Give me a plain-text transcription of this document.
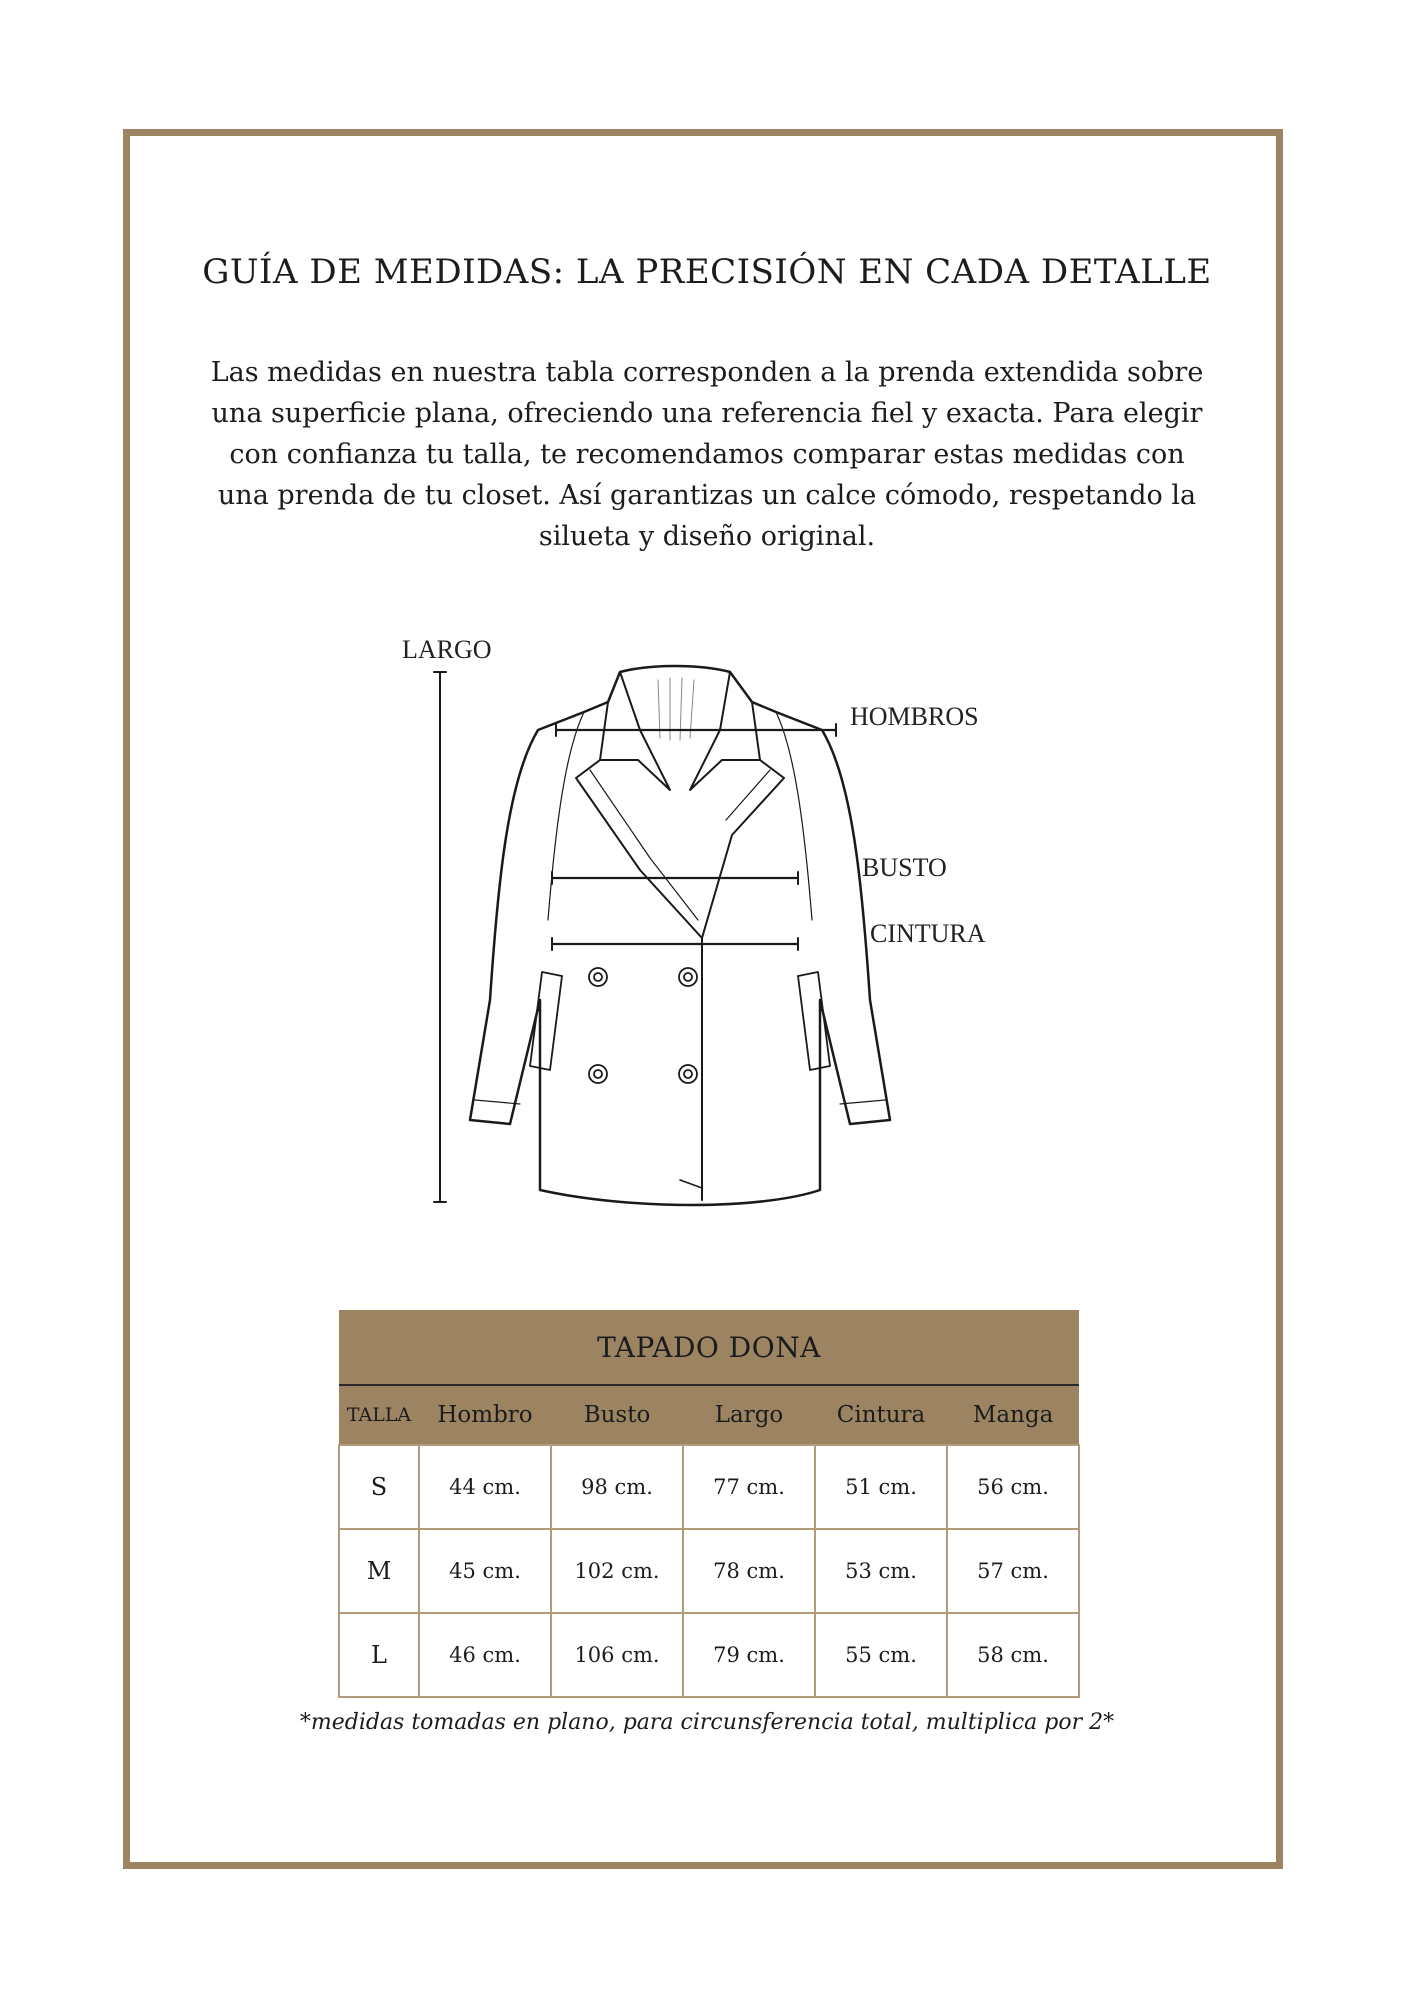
GUÍA DE MEDIDAS: LA PRECISIÓN EN CADA DETALLE

Las medidas en nuestra tabla corresponden a la prenda extendida sobre una superficie plana, ofreciendo una referencia fiel y exacta. Para elegir con confianza tu talla, te recomendamos comparar estas medidas con una prenda de tu closet. Así garantizas un calce cómodo, respetando la silueta y diseño original.

LARGO
HOMBROS
BUSTO
CINTURA
TAPADO DONA					
TALLA	Hombro	Busto	Largo	Cintura	Manga
S	44 cm.	98 cm.	77 cm.	51 cm.	56 cm.
M	45 cm.	102 cm.	78 cm.	53 cm.	57 cm.
L	46 cm.	106 cm.	79 cm.	55 cm.	58 cm.

*medidas tomadas en plano, para circunsferencia total, multiplica por 2*
